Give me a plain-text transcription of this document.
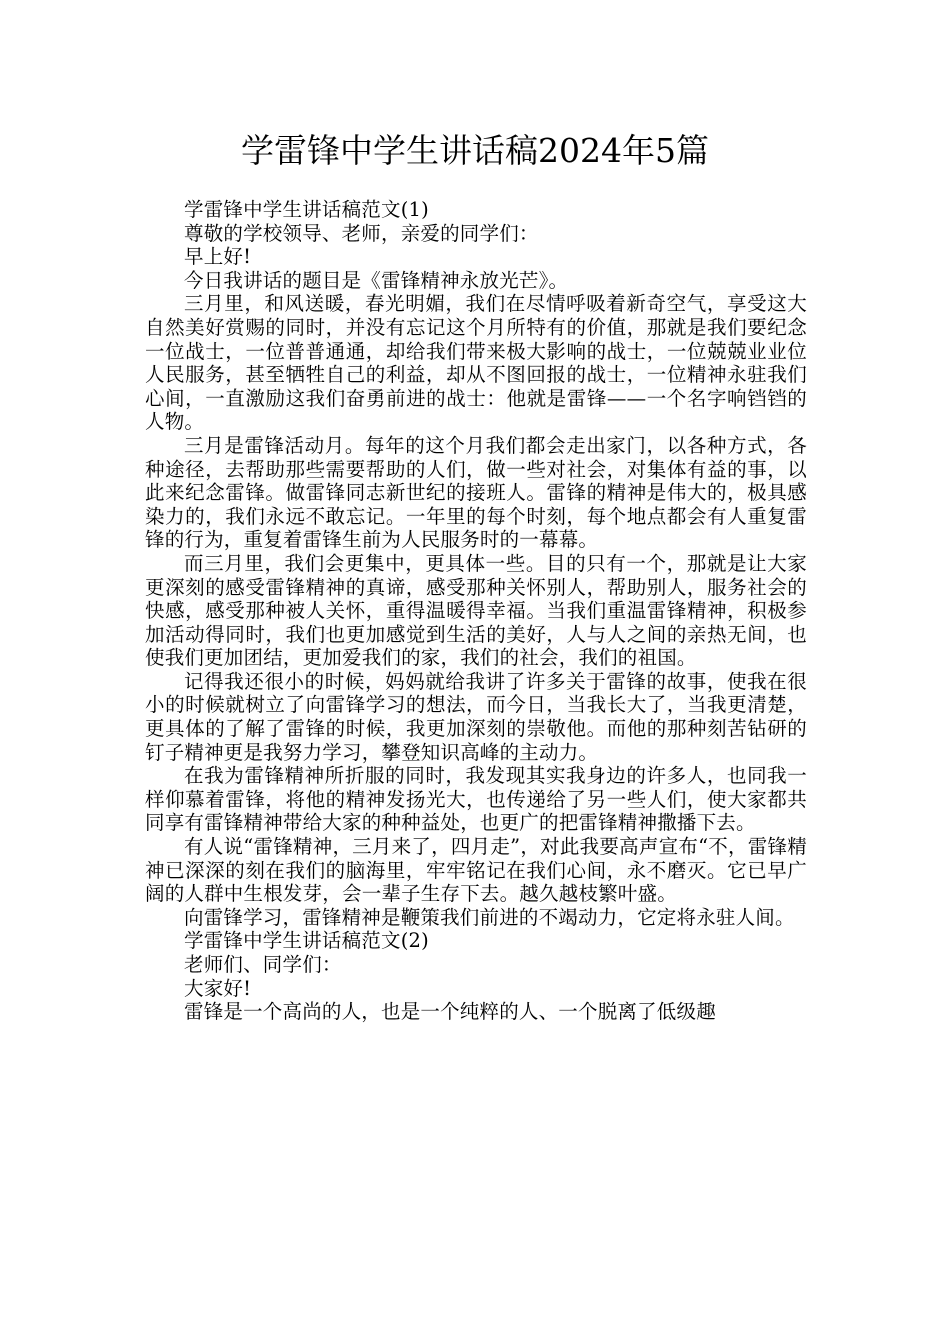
学雷锋中学生讲话稿2024年5篇

学雷锋中学生讲话稿范文(1)

尊敬的学校领导、老师，亲爱的同学们：

早上好!

今日我讲话的题目是《雷锋精神永放光芒》。

三月里，和风送暖，春光明媚，我们在尽情呼吸着新奇空气，享受这大自然美好赏赐的同时，并没有忘记这个月所特有的价值，那就是我们要纪念一位战士，一位普普通通，却给我们带来极大影响的战士，一位兢兢业业位人民服务，甚至牺牲自己的利益，却从不图回报的战士，一位精神永驻我们心间，一直激励这我们奋勇前进的战士：他就是雷锋——一个名字响铛铛的人物。

三月是雷锋活动月。每年的这个月我们都会走出家门，以各种方式，各种途径，去帮助那些需要帮助的人们，做一些对社会，对集体有益的事，以此来纪念雷锋。做雷锋同志新世纪的接班人。雷锋的精神是伟大的，极具感染力的，我们永远不敢忘记。一年里的每个时刻，每个地点都会有人重复雷锋的行为，重复着雷锋生前为人民服务时的一幕幕。

而三月里，我们会更集中，更具体一些。目的只有一个，那就是让大家更深刻的感受雷锋精神的真谛，感受那种关怀别人，帮助别人，服务社会的快感，感受那种被人关怀，重得温暖得幸福。当我们重温雷锋精神，积极参加活动得同时，我们也更加感觉到生活的美好，人与人之间的亲热无间，也使我们更加团结，更加爱我们的家，我们的社会，我们的祖国。

记得我还很小的时候，妈妈就给我讲了许多关于雷锋的故事，使我在很小的时候就树立了向雷锋学习的想法，而今日，当我长大了，当我更清楚，更具体的了解了雷锋的时候，我更加深刻的崇敬他。而他的那种刻苦钻研的钉子精神更是我努力学习，攀登知识高峰的主动力。

在我为雷锋精神所折服的同时，我发现其实我身边的许多人，也同我一样仰慕着雷锋，将他的精神发扬光大，也传递给了另一些人们，使大家都共同享有雷锋精神带给大家的种种益处，也更广的把雷锋精神撒播下去。

有人说“雷锋精神，三月来了，四月走”，对此我要高声宣布“不，雷锋精神已深深的刻在我们的脑海里，牢牢铭记在我们心间，永不磨灭。它已早广阔的人群中生根发芽，会一辈子生存下去。越久越枝繁叶盛。

向雷锋学习，雷锋精神是鞭策我们前进的不竭动力，它定将永驻人间。

学雷锋中学生讲话稿范文(2)

老师们、同学们：

大家好!

雷锋是一个高尚的人，也是一个纯粹的人、一个脱离了低级趣
